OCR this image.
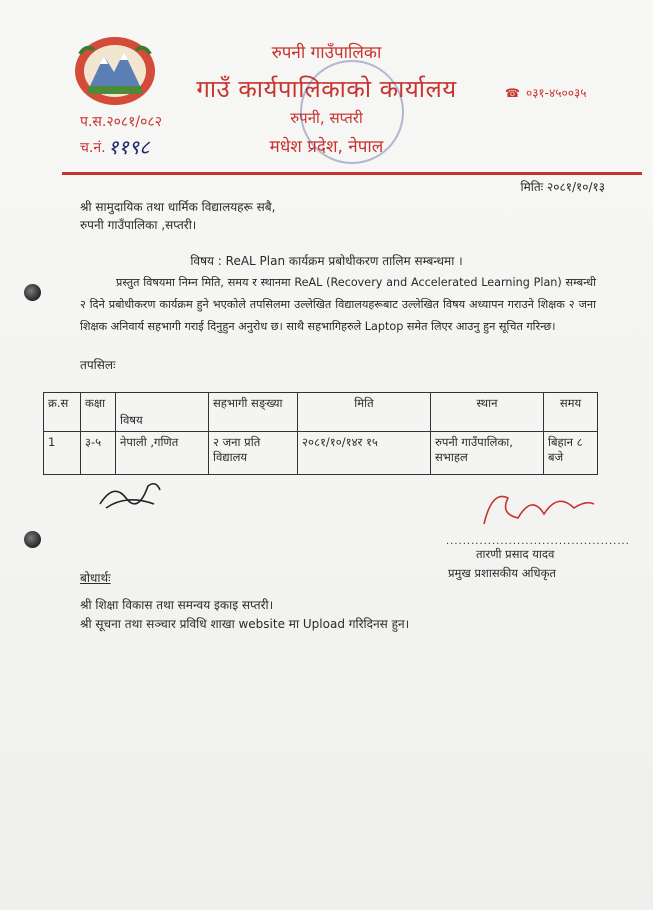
रुपनी गाउँपालिका
गाउँ कार्यपालिकाको कार्यालय
रुपनी, सप्तरी
मधेश प्रदेश, नेपाल
प.स.२०८१/०८२
च.नं. ११९८
☎ ०३१-४५००३५
मितिः २०८१/१०/१३
श्री सामुदायिक तथा धार्मिक विद्यालयहरू सबै,
रुपनी गाउँपालिका ,सप्तरी।
विषय : ReAL Plan कार्यक्रम प्रबोधीकरण तालिम सम्बन्धमा ।
प्रस्तुत विषयमा निम्न मिति, समय र स्थानमा ReAL (Recovery and Accelerated Learning Plan) सम्बन्धी २ दिने प्रबोधीकरण कार्यक्रम हुने भएकोले तपसिलमा उल्लेखित विद्यालयहरूबाट उल्लेखित विषय अध्यापन गराउने शिक्षक २ जना शिक्षक अनिवार्य सहभागी गराई दिनुहुन अनुरोध छ। साथै सहभागिहरुले Laptop समेत लिएर आउनु हुन सूचित गरिन्छ।
तपसिलः
क्र.स	कक्षा	विषय	सहभागी सङ्ख्या	मिति	स्थान	समय
1	३-५	नेपाली ,गणित	२ जना प्रति विद्यालय	२०८१/१०/१४र १५	रुपनी गाउँपालिका, सभाहल	बिहान ८ बजे
............................................
तारणी प्रसाद यादव
प्रमुख प्रशासकीय अधिकृत
बोधार्थः
श्री शिक्षा विकास तथा समन्वय इकाइ सप्तरी।
श्री सूचना तथा सञ्चार प्रविधि शाखा website मा Upload गरिदिनस हुन।
